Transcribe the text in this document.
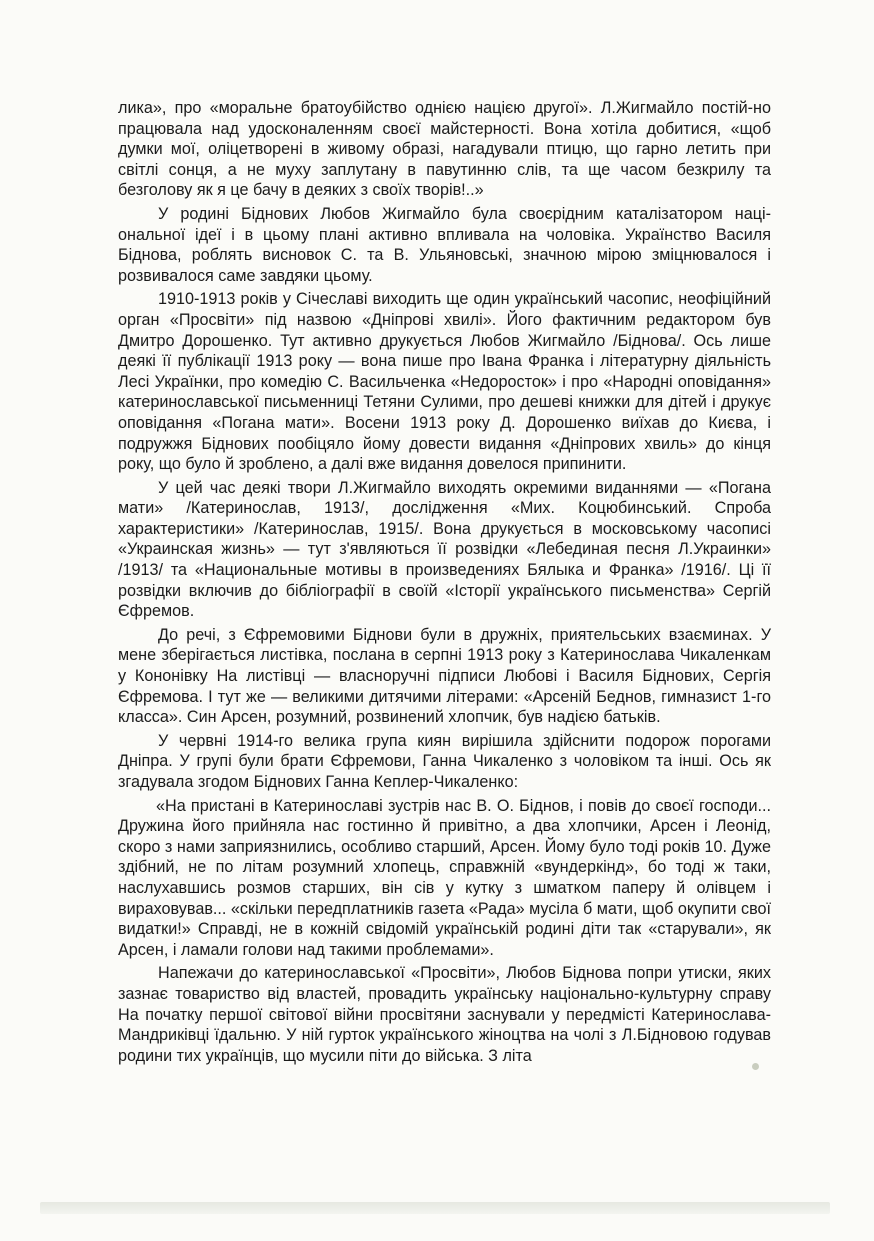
лика», про «моральне братоубійство однією нацією другої». Л.Жигмайло постій-но працювала над удосконаленням своєї майстерності. Вона хотіла добитися, «щоб думки мої, оліцетворені в живому образі, нагадували птицю, що гарно летить при світлі сонця, а не муху заплутану в павутинню слів, та ще часом безкрилу та безголову як я це бачу в деяких з своїх творів!..»

У родині Біднових Любов Жигмайло була своєрідним каталізатором наці-ональної ідеї і в цьому плані активно впливала на чоловіка. Українство Василя Біднова, роблять висновок С. та В. Ульяновські, значною мірою зміцнювалося і розвивалося саме завдяки цьому.

1910-1913 років у Січеславі виходить ще один український часопис, неофіційний орган «Просвіти» під назвою «Дніпрові хвилі». Його фактичним редактором був Дмитро Дорошенко. Тут активно друкується Любов Жигмайло /Біднова/. Ось лише деякі її публікації 1913 року — вона пише про Івана Франка і літературну діяльність Лесі Українки, про комедію С. Васильченка «Недоросток» і про «Народні оповідання» катеринославської письменниці Тетяни Сулими, про дешеві книжки для дітей і друкує оповідання «Погана мати». Восени 1913 року Д. Дорошенко виїхав до Києва, і подружжя Біднових пообіцяло йому довести видання «Дніпрових хвиль» до кінця року, що було й зроблено, а далі вже видання довелося припинити.

У цей час деякі твори Л.Жигмайло виходять окремими виданнями — «Погана мати» /Катеринослав, 1913/, дослідження «Мих. Коцюбинський. Спроба характеристики» /Катеринослав, 1915/. Вона друкується в московському часописі «Украинская жизнь» — тут з'являються її розвідки «Лебединая песня Л.Украинки» /1913/ та «Национальные мотивы в произведениях Бялыка и Франка» /1916/. Ці її розвідки включив до бібліографії в своїй «Історії українського письменства» Сергій Єфремов.

До речі, з Єфремовими Біднови були в дружніх, приятельських взаєминах. У мене зберігається листівка, послана в серпні 1913 року з Катеринослава Чикаленкам у Кононівку На листівці — власноручні підписи Любові і Василя Біднових, Сергія Єфремова. І тут же — великими дитячими літерами: «Арсеній Беднов, гимназист 1-го класса». Син Арсен, розумний, розвинений хлопчик, був надією батьків.

У червні 1914-го велика група киян вирішила здійснити подорож порогами Дніпра. У групі були брати Єфремови, Ганна Чикаленко з чоловіком та інші. Ось як згадувала згодом Біднових Ганна Кеплер-Чикаленко:

«На пристані в Катеринославі зустрів нас В. О. Біднов, і повів до своєї господи... Дружина його прийняла нас гостинно й привітно, а два хлопчики, Арсен і Леонід, скоро з нами заприязнились, особливо старший, Арсен. Йому було тоді років 10. Дуже здібний, не по літам розумний хлопець, справжній «вундеркінд», бо тоді ж таки, наслухавшись розмов старших, він сів у кутку з шматком паперу й олівцем і вираховував... «скільки передплатників газета «Рада» мусіла б мати, щоб окупити свої видатки!» Справді, не в кожній свідомій українській родині діти так «старували», як Арсен, і ламали голови над такими проблемами».

Напежачи до катеринославської «Просвіти», Любов Біднова попри утиски, яких зазнає товариство від властей, провадить українську національно-культурну справу На початку першої світової війни просвітяни заснували у передмісті Катеринослава-Мандриківці їдальню. У ній гурток українського жіноцтва на чолі з Л.Бідновою годував родини тих українців, що мусили піти до війська. З літа
